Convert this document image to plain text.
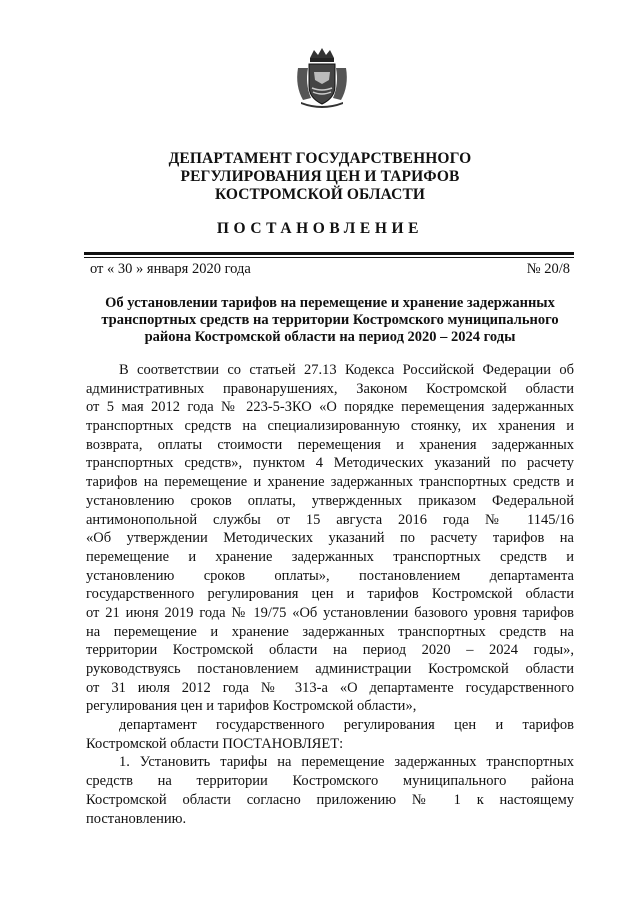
ДЕПАРТАМЕНТ ГОСУДАРСТВЕННОГО
РЕГУЛИРОВАНИЯ ЦЕН И ТАРИФОВ
КОСТРОМСКОЙ ОБЛАСТИ
ПОСТАНОВЛЕНИЕ
от « 30 » января 2020 года	№ 20/8
Об установлении тарифов на перемещение и хранение задержанных
транспортных средств на территории Костромского муниципального
района Костромской области на период 2020 – 2024 годы
В соответствии со статьей 27.13 Кодекса Российской Федерации об
административных правонарушениях, Законом Костромской области
от 5 мая 2012 года № 223-5-ЗКО «О порядке перемещения задержанных
транспортных средств на специализированную стоянку, их хранения и
возврата, оплаты стоимости перемещения и хранения задержанных
транспортных средств», пунктом 4 Методических указаний по расчету
тарифов на перемещение и хранение задержанных транспортных средств и
установлению сроков оплаты, утвержденных приказом Федеральной
антимонопольной службы от 15 августа 2016 года № 1145/16
«Об утверждении Методических указаний по расчету тарифов на
перемещение и хранение задержанных транспортных средств и
установлению сроков оплаты», постановлением департамента
государственного регулирования цен и тарифов Костромской области
от 21 июня 2019 года № 19/75 «Об установлении базового уровня тарифов
на перемещение и хранение задержанных транспортных средств на
территории Костромской области на период 2020 – 2024 годы»,
руководствуясь постановлением администрации Костромской области
от 31 июля 2012 года № 313-а «О департаменте государственного
регулирования цен и тарифов Костромской области»,
департамент государственного регулирования цен и тарифов
Костромской области ПОСТАНОВЛЯЕТ:
1. Установить тарифы на перемещение задержанных транспортных
средств на территории Костромского муниципального района
Костромской области согласно приложению № 1 к настоящему
постановлению.
